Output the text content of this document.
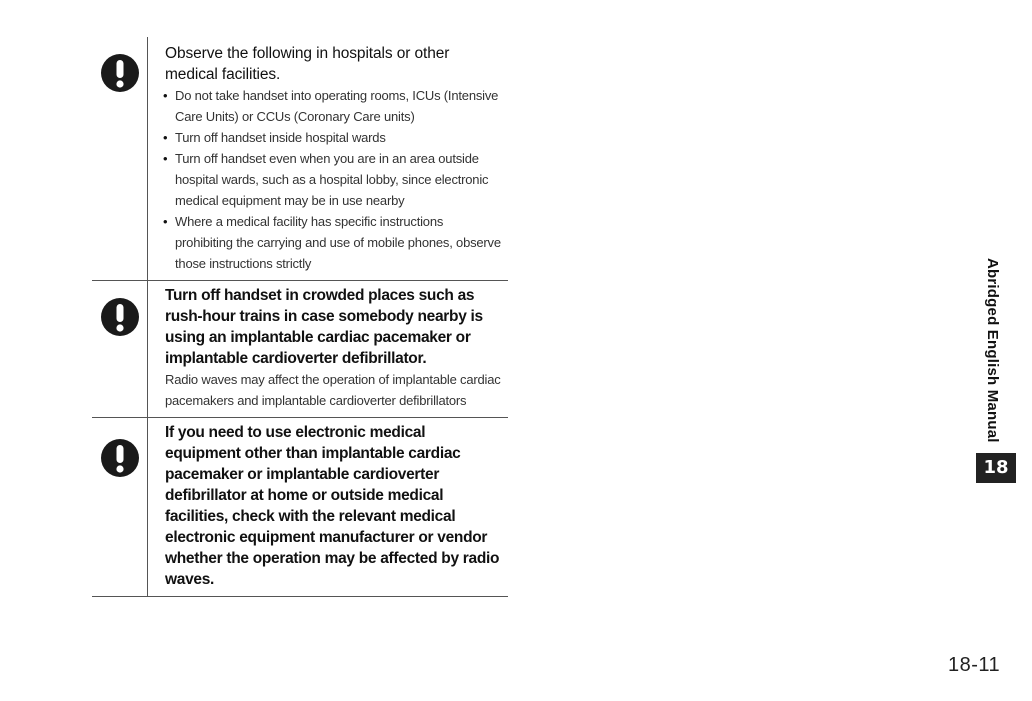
Observe the following in hospitals or other medical facilities.

• Do not take handset into operating rooms, ICUs (Intensive Care Units) or CCUs (Coronary Care units)
• Turn off handset inside hospital wards
• Turn off handset even when you are in an area outside hospital wards, such as a hospital lobby, since electronic medical equipment may be in use nearby
• Where a medical facility has specific instructions prohibiting the carrying and use of mobile phones, observe those instructions strictly

Turn off handset in crowded places such as rush-hour trains in case somebody nearby is using an implantable cardiac pacemaker or implantable cardioverter defibrillator.

Radio waves may affect the operation of implantable cardiac pacemakers and implantable cardioverter defibrillators

If you need to use electronic medical equipment other than implantable cardiac pacemaker or implantable cardioverter defibrillator at home or outside medical facilities, check with the relevant medical electronic equipment manufacturer or vendor whether the operation may be affected by radio waves.

Abridged English Manual
18
18-11
